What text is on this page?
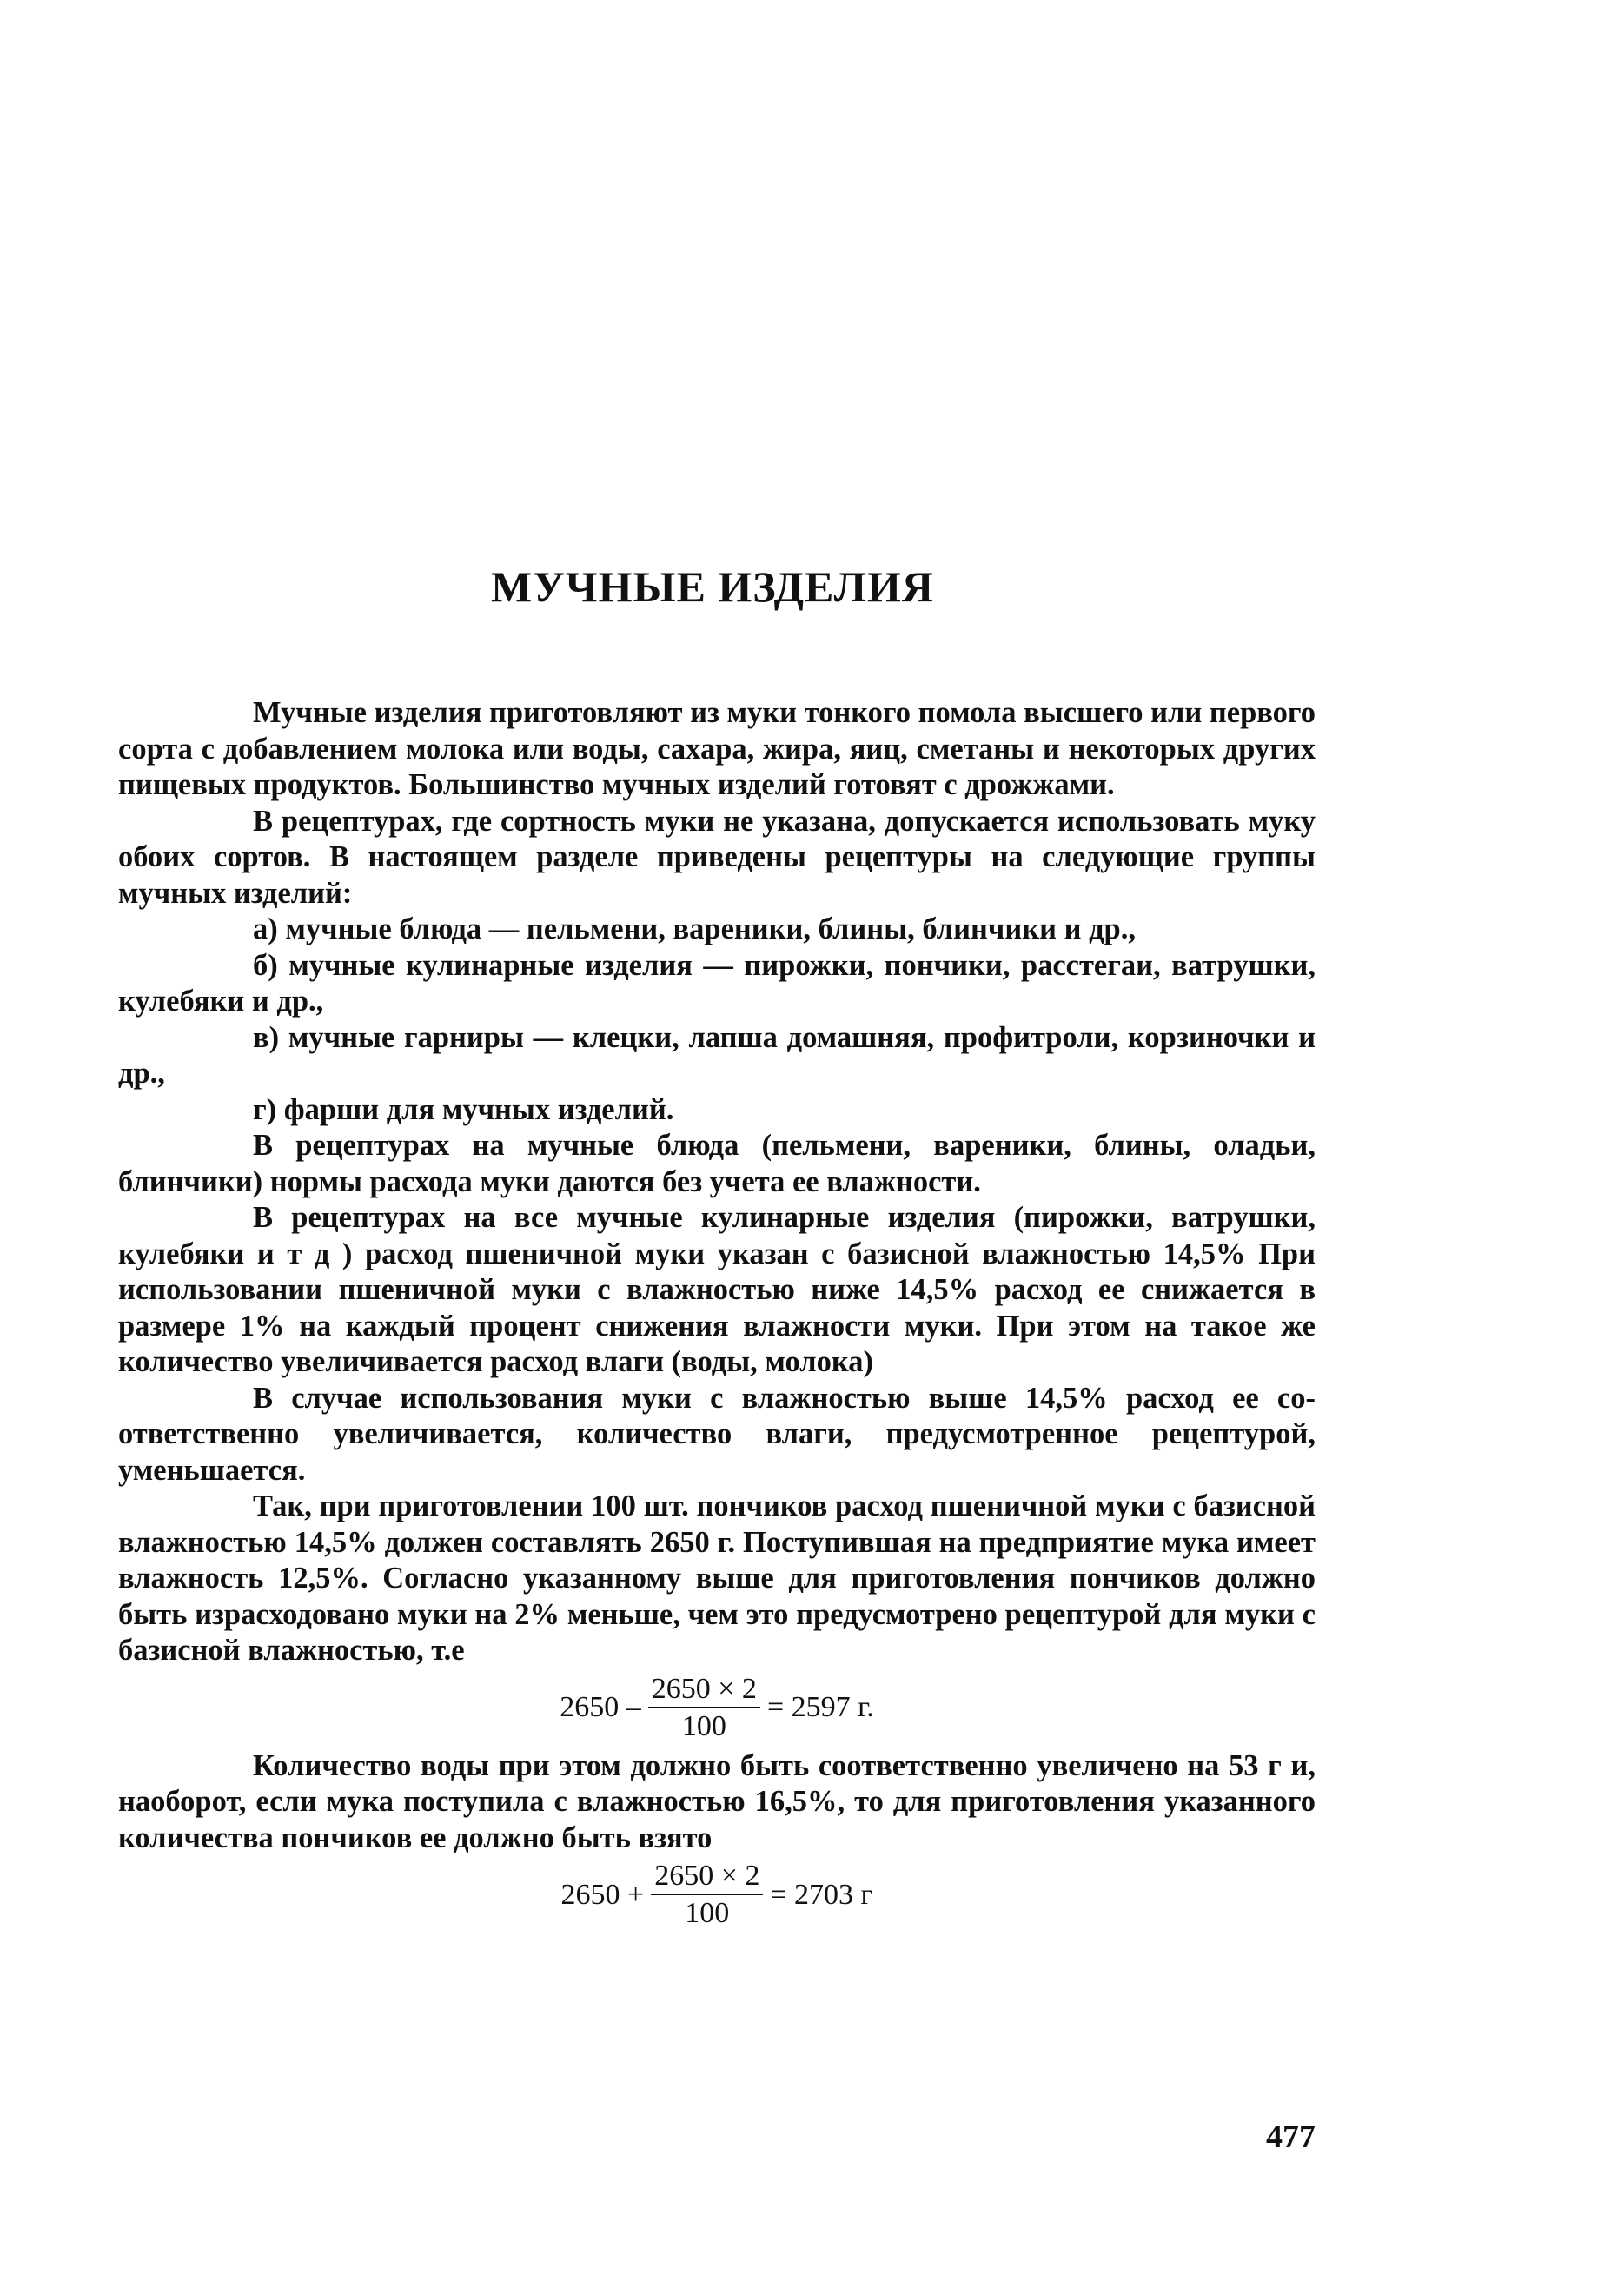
МУЧНЫЕ ИЗДЕЛИЯ

Мучные изделия приготовляют из муки тонкого помола высшего или первого сорта с добавлением молока или воды, сахара, жира, яиц, сметаны и некоторых других пищевых продуктов. Большинство мучных изделий готовят с дрожжами.

В рецептурах, где сортность муки не указана, допускается использовать муку обоих сортов. В настоящем разделе приведены рецептуры на следующие группы мучных изделий:

а) мучные блюда — пельмени, вареники, блины, блинчики и др.,

б) мучные кулинарные изделия — пирожки, пончики, расстегаи, ватрушки, кулебяки и др.,

в) мучные гарниры — клецки, лапша домашняя, профитроли, корзиночки и др.,

г) фарши для мучных изделий.

В рецептурах на мучные блюда (пельмени, вареники, блины, оладьи, блинчики) нормы расхода муки даются без учета ее влажности.

В рецептурах на все мучные кулинарные изделия (пирожки, ватрушки, кулебяки и т д ) расход пшеничной муки указан с базисной влажностью 14,5% При использовании пшеничной муки с влажностью ниже 14,5% расход ее снижается в размере 1% на каждый процент снижения влажности муки. При этом на такое же количество увеличивается расход влаги (воды, молока)

В случае использования муки с влажностью выше 14,5% расход ее соответственно увеличивается, количество влаги, предусмотренное рецептурой, уменьшается.

Так, при приготовлении 100 шт. пончиков расход пшеничной муки с базисной влажностью 14,5% должен составлять 2650 г. Поступившая на предприятие мука имеет влажность 12,5%. Согласно указанному выше для приготовления пончиков должно быть израсходовано муки на 2% меньше, чем это предусмотрено рецептурой для муки с базисной влажностью, т.е

$2650 - \frac{2650 \times 2}{100} = 2597$ г.

Количество воды при этом должно быть соответственно увеличено на 53 г и, наоборот, если мука поступила с влажностью 16,5%, то для приготовления указанного количества пончиков ее должно быть взято

$2650 + \frac{2650 \times 2}{100} = 2703$ г
477
